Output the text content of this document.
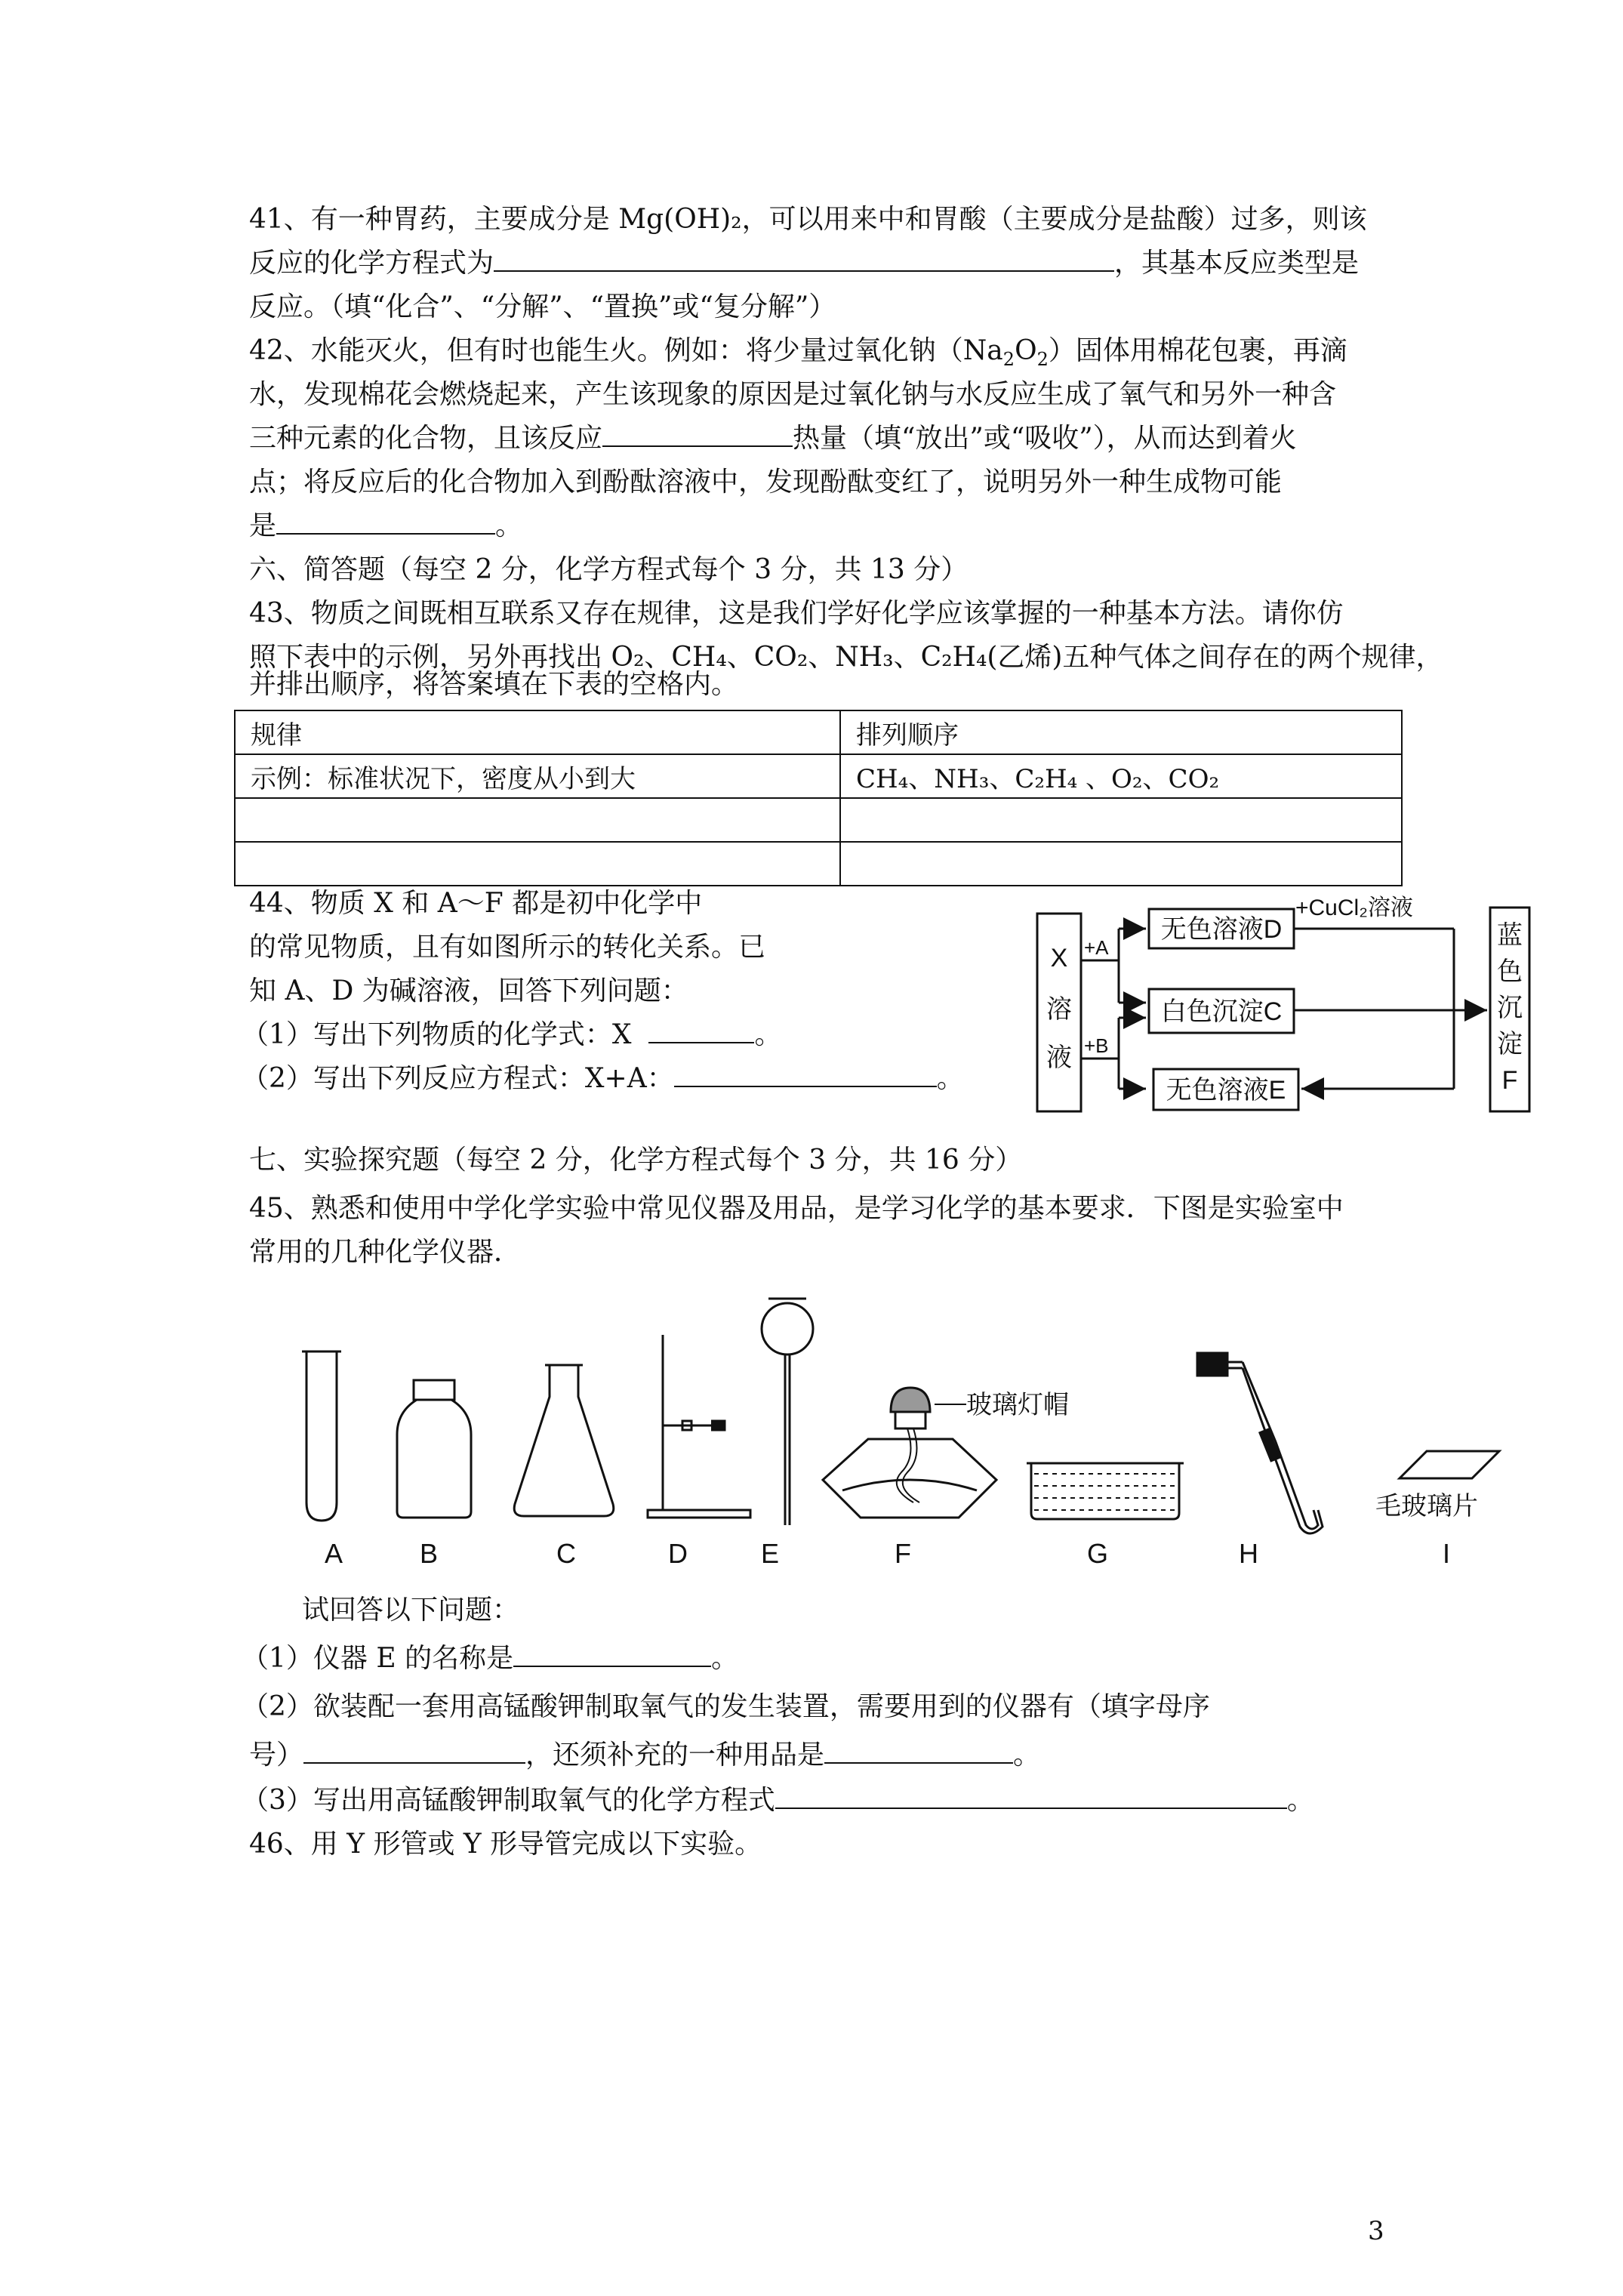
41、有一种胃药，主要成分是 Mg(OH)₂，可以用来中和胃酸（主要成分是盐酸）过多，则该
反应的化学方程式为	，其基本反应类型是
反应。（填“化合”、“分解”、“置换”或“复分解”）
42、水能灭火，但有时也能生火。例如：将少量过氧化钠$(Na_2O_2)$固体用棉花包裹，再滴
水，发现棉花会燃烧起来，产生该现象的原因是过氧化钠与水反应生成了氧气和另外一种含
三种元素的化合物，且该反应	热量（填“放出”或“吸收”），从而达到着火
点；将反应后的化合物加入到酚酞溶液中，发现酚酞变红了，说明另外一种生成物可能
是	。
六、简答题（每空 2 分，化学方程式每个 3 分，共 13 分）
43、物质之间既相互联系又存在规律，这是我们学好化学应该掌握的一种基本方法。请你仿
照下表中的示例，另外再找出 O₂、CH₄、CO₂、NH₃、C₂H₄(乙烯)五种气体之间存在的两个规律，
并排出顺序，将答案填在下表的空格内。
规律	排列顺序
示例：标准状况下，密度从小到大	CH₄、NH₃、C₂H₄ 、O₂、CO₂

44、物质 X 和 A～F 都是初中化学中
的常见物质，且有如图所示的转化关系。已
知 A、D 为碱溶液，回答下列问题：
（1）写出下列物质的化学式：X	。
（2）写出下列反应方程式：X+A：	。
X
溶
液
+A
+B
无色溶液D
白色沉淀C
无色溶液E
+CuCl₂溶液
蓝
色
沉
淀
F
七、实验探究题（每空 2 分，化学方程式每个 3 分，共 16 分）
45、熟悉和使用中学化学实验中常见仪器及用品，是学习化学的基本要求．下图是实验室中
常用的几种化学仪器．
玻璃灯帽
毛玻璃片
A	B	C	D	E	F	G	H	I
试回答以下问题：
（1）仪器 E 的名称是	。
（2）欲装配一套用高锰酸钾制取氧气的发生装置，需要用到的仪器有（填字母序
号）	，还须补充的一种用品是	。
（3）写出用高锰酸钾制取氧气的化学方程式	。
46、用 Y 形管或 Y 形导管完成以下实验。
3
